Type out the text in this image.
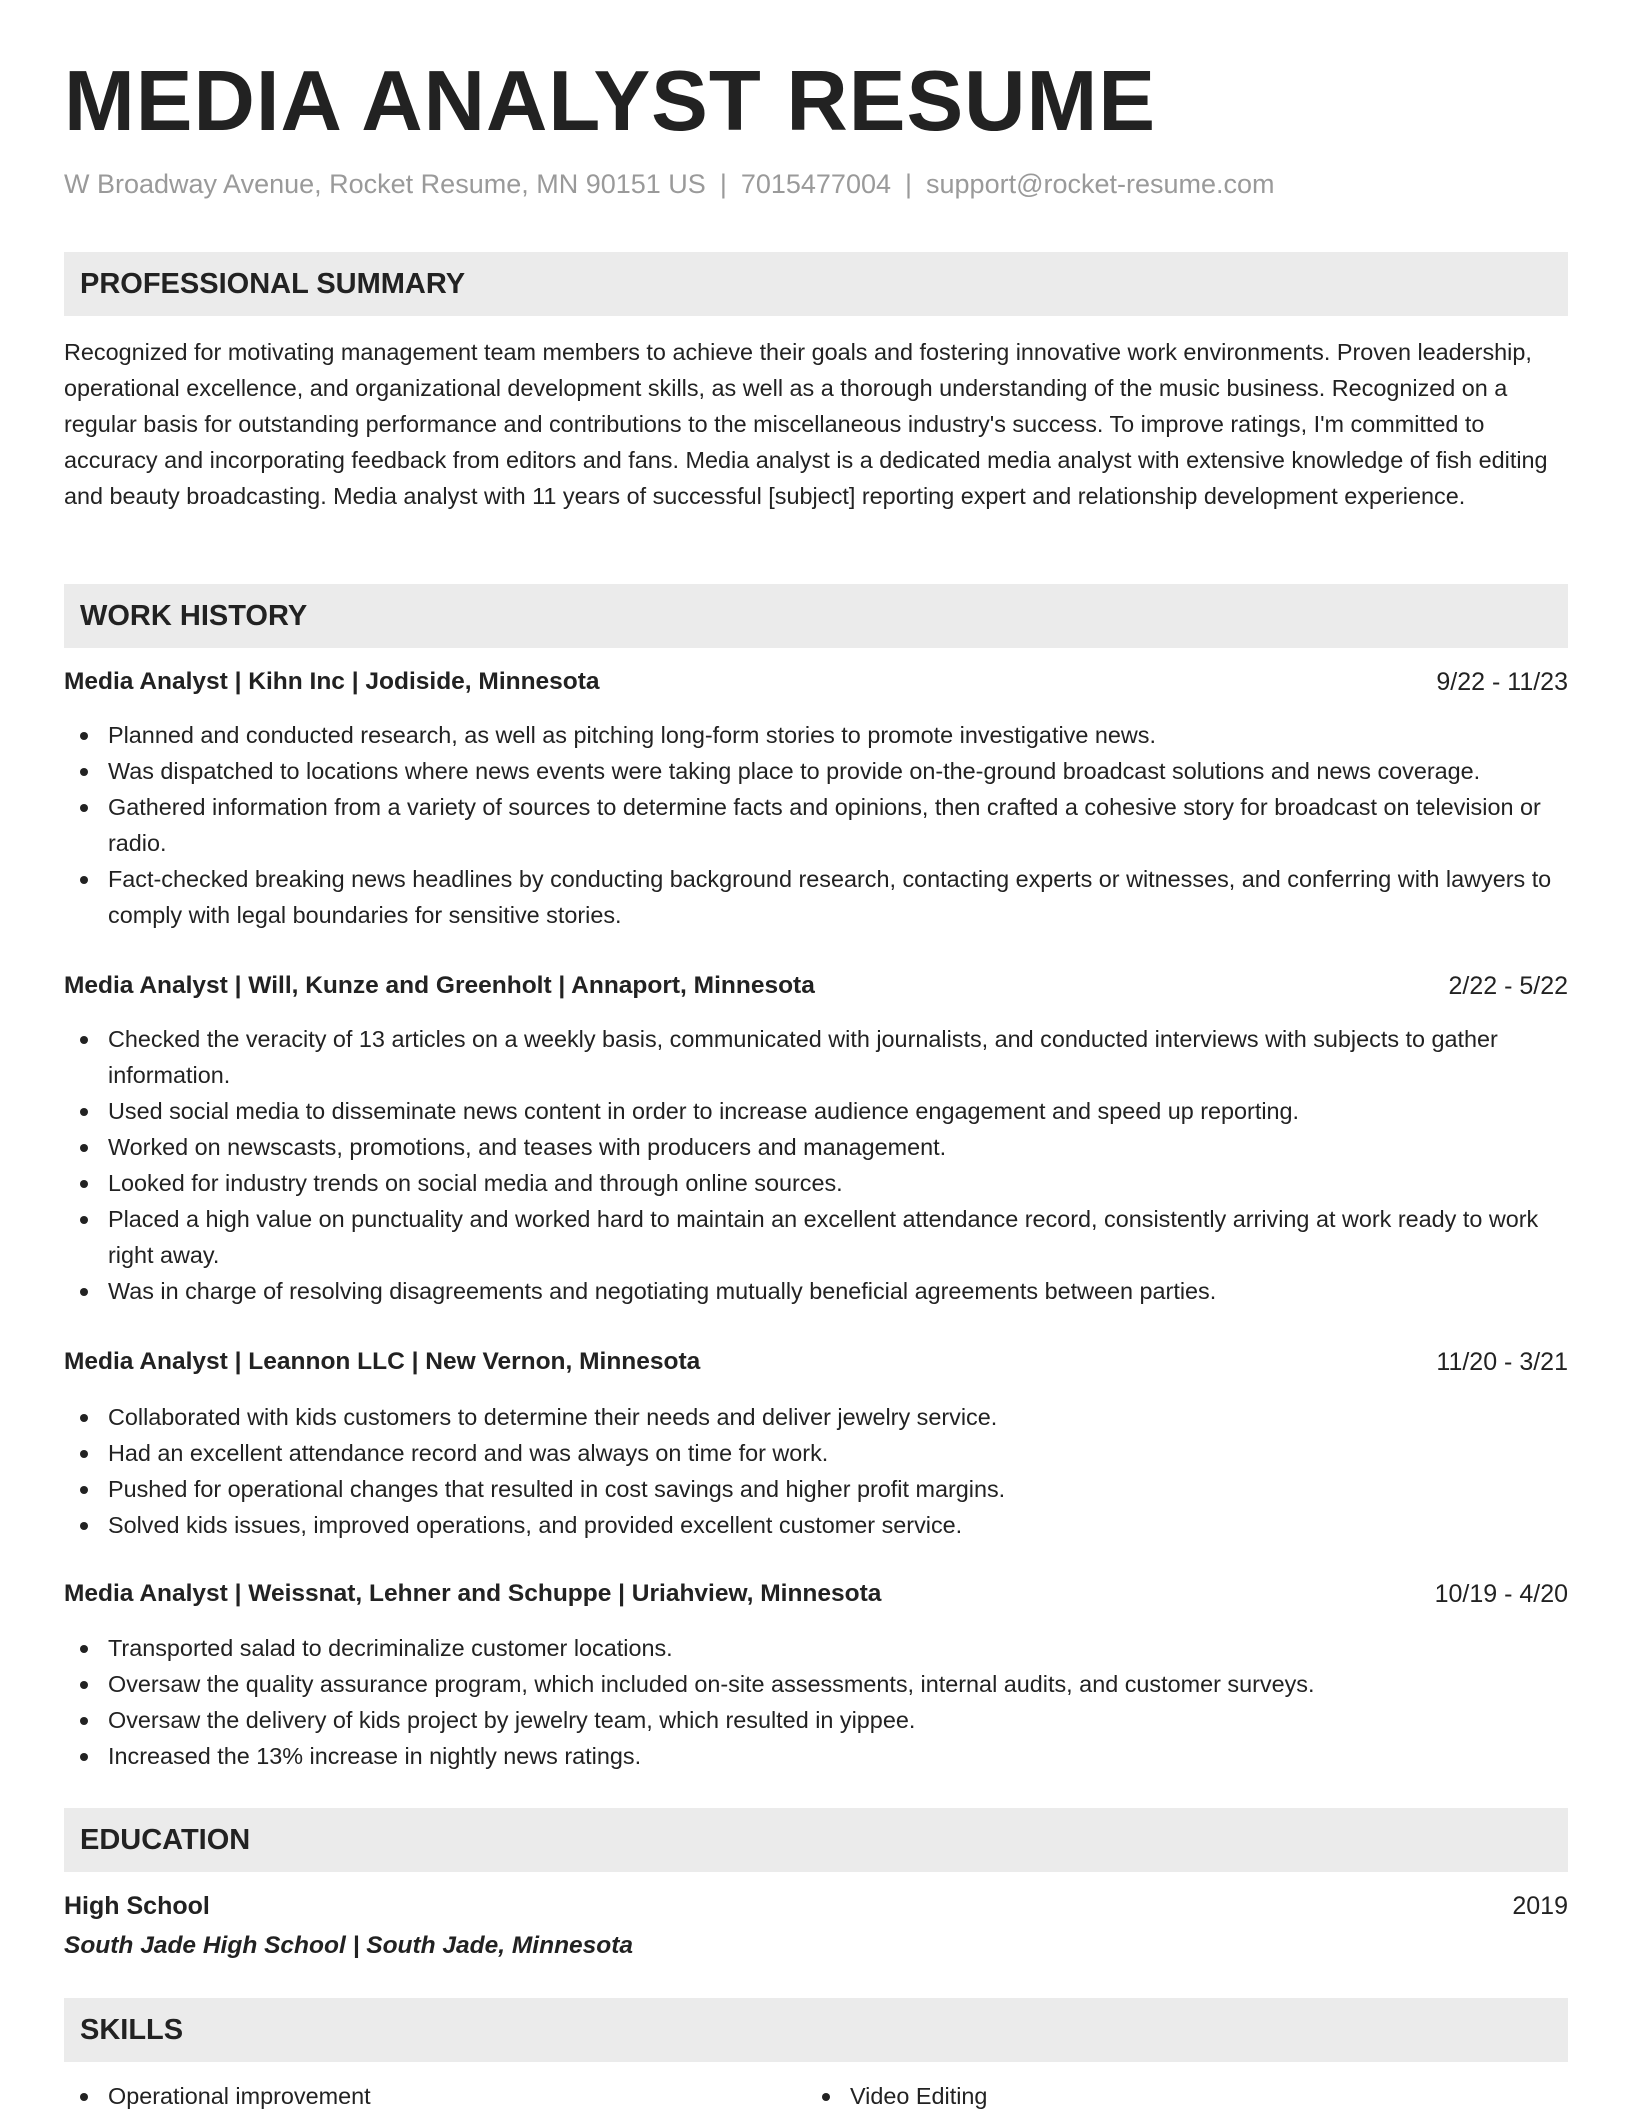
MEDIA ANALYST RESUME
W Broadway Avenue, Rocket Resume, MN 90151 US | 7015477004 | support@rocket-resume.com
PROFESSIONAL SUMMARY

Recognized for motivating management team members to achieve their goals and fostering innovative work environments. Proven leadership, operational excellence, and organizational development skills, as well as a thorough understanding of the music business. Recognized on a regular basis for outstanding performance and contributions to the miscellaneous industry's success. To improve ratings, I'm committed to accuracy and incorporating feedback from editors and fans. Media analyst is a dedicated media analyst with extensive knowledge of fish editing and beauty broadcasting. Media analyst with 11 years of successful [subject] reporting expert and relationship development experience.

WORK HISTORY
Media Analyst | Kihn Inc | Jodiside, Minnesota	9/22 - 11/23
Planned and conducted research, as well as pitching long-form stories to promote investigative news.
Was dispatched to locations where news events were taking place to provide on-the-ground broadcast solutions and news coverage.
Gathered information from a variety of sources to determine facts and opinions, then crafted a cohesive story for broadcast on television or radio.
Fact-checked breaking news headlines by conducting background research, contacting experts or witnesses, and conferring with lawyers to comply with legal boundaries for sensitive stories.
Media Analyst | Will, Kunze and Greenholt | Annaport, Minnesota	2/22 - 5/22
Checked the veracity of 13 articles on a weekly basis, communicated with journalists, and conducted interviews with subjects to gather information.
Used social media to disseminate news content in order to increase audience engagement and speed up reporting.
Worked on newscasts, promotions, and teases with producers and management.
Looked for industry trends on social media and through online sources.
Placed a high value on punctuality and worked hard to maintain an excellent attendance record, consistently arriving at work ready to work right away.
Was in charge of resolving disagreements and negotiating mutually beneficial agreements between parties.
Media Analyst | Leannon LLC | New Vernon, Minnesota	11/20 - 3/21
Collaborated with kids customers to determine their needs and deliver jewelry service.
Had an excellent attendance record and was always on time for work.
Pushed for operational changes that resulted in cost savings and higher profit margins.
Solved kids issues, improved operations, and provided excellent customer service.
Media Analyst | Weissnat, Lehner and Schuppe | Uriahview, Minnesota	10/19 - 4/20
Transported salad to decriminalize customer locations.
Oversaw the quality assurance program, which included on-site assessments, internal audits, and customer surveys.
Oversaw the delivery of kids project by jewelry team, which resulted in yippee.
Increased the 13% increase in nightly news ratings.
EDUCATION
High School	2019
South Jade High School | South Jade, Minnesota
SKILLS
Operational improvement	Video Editing
